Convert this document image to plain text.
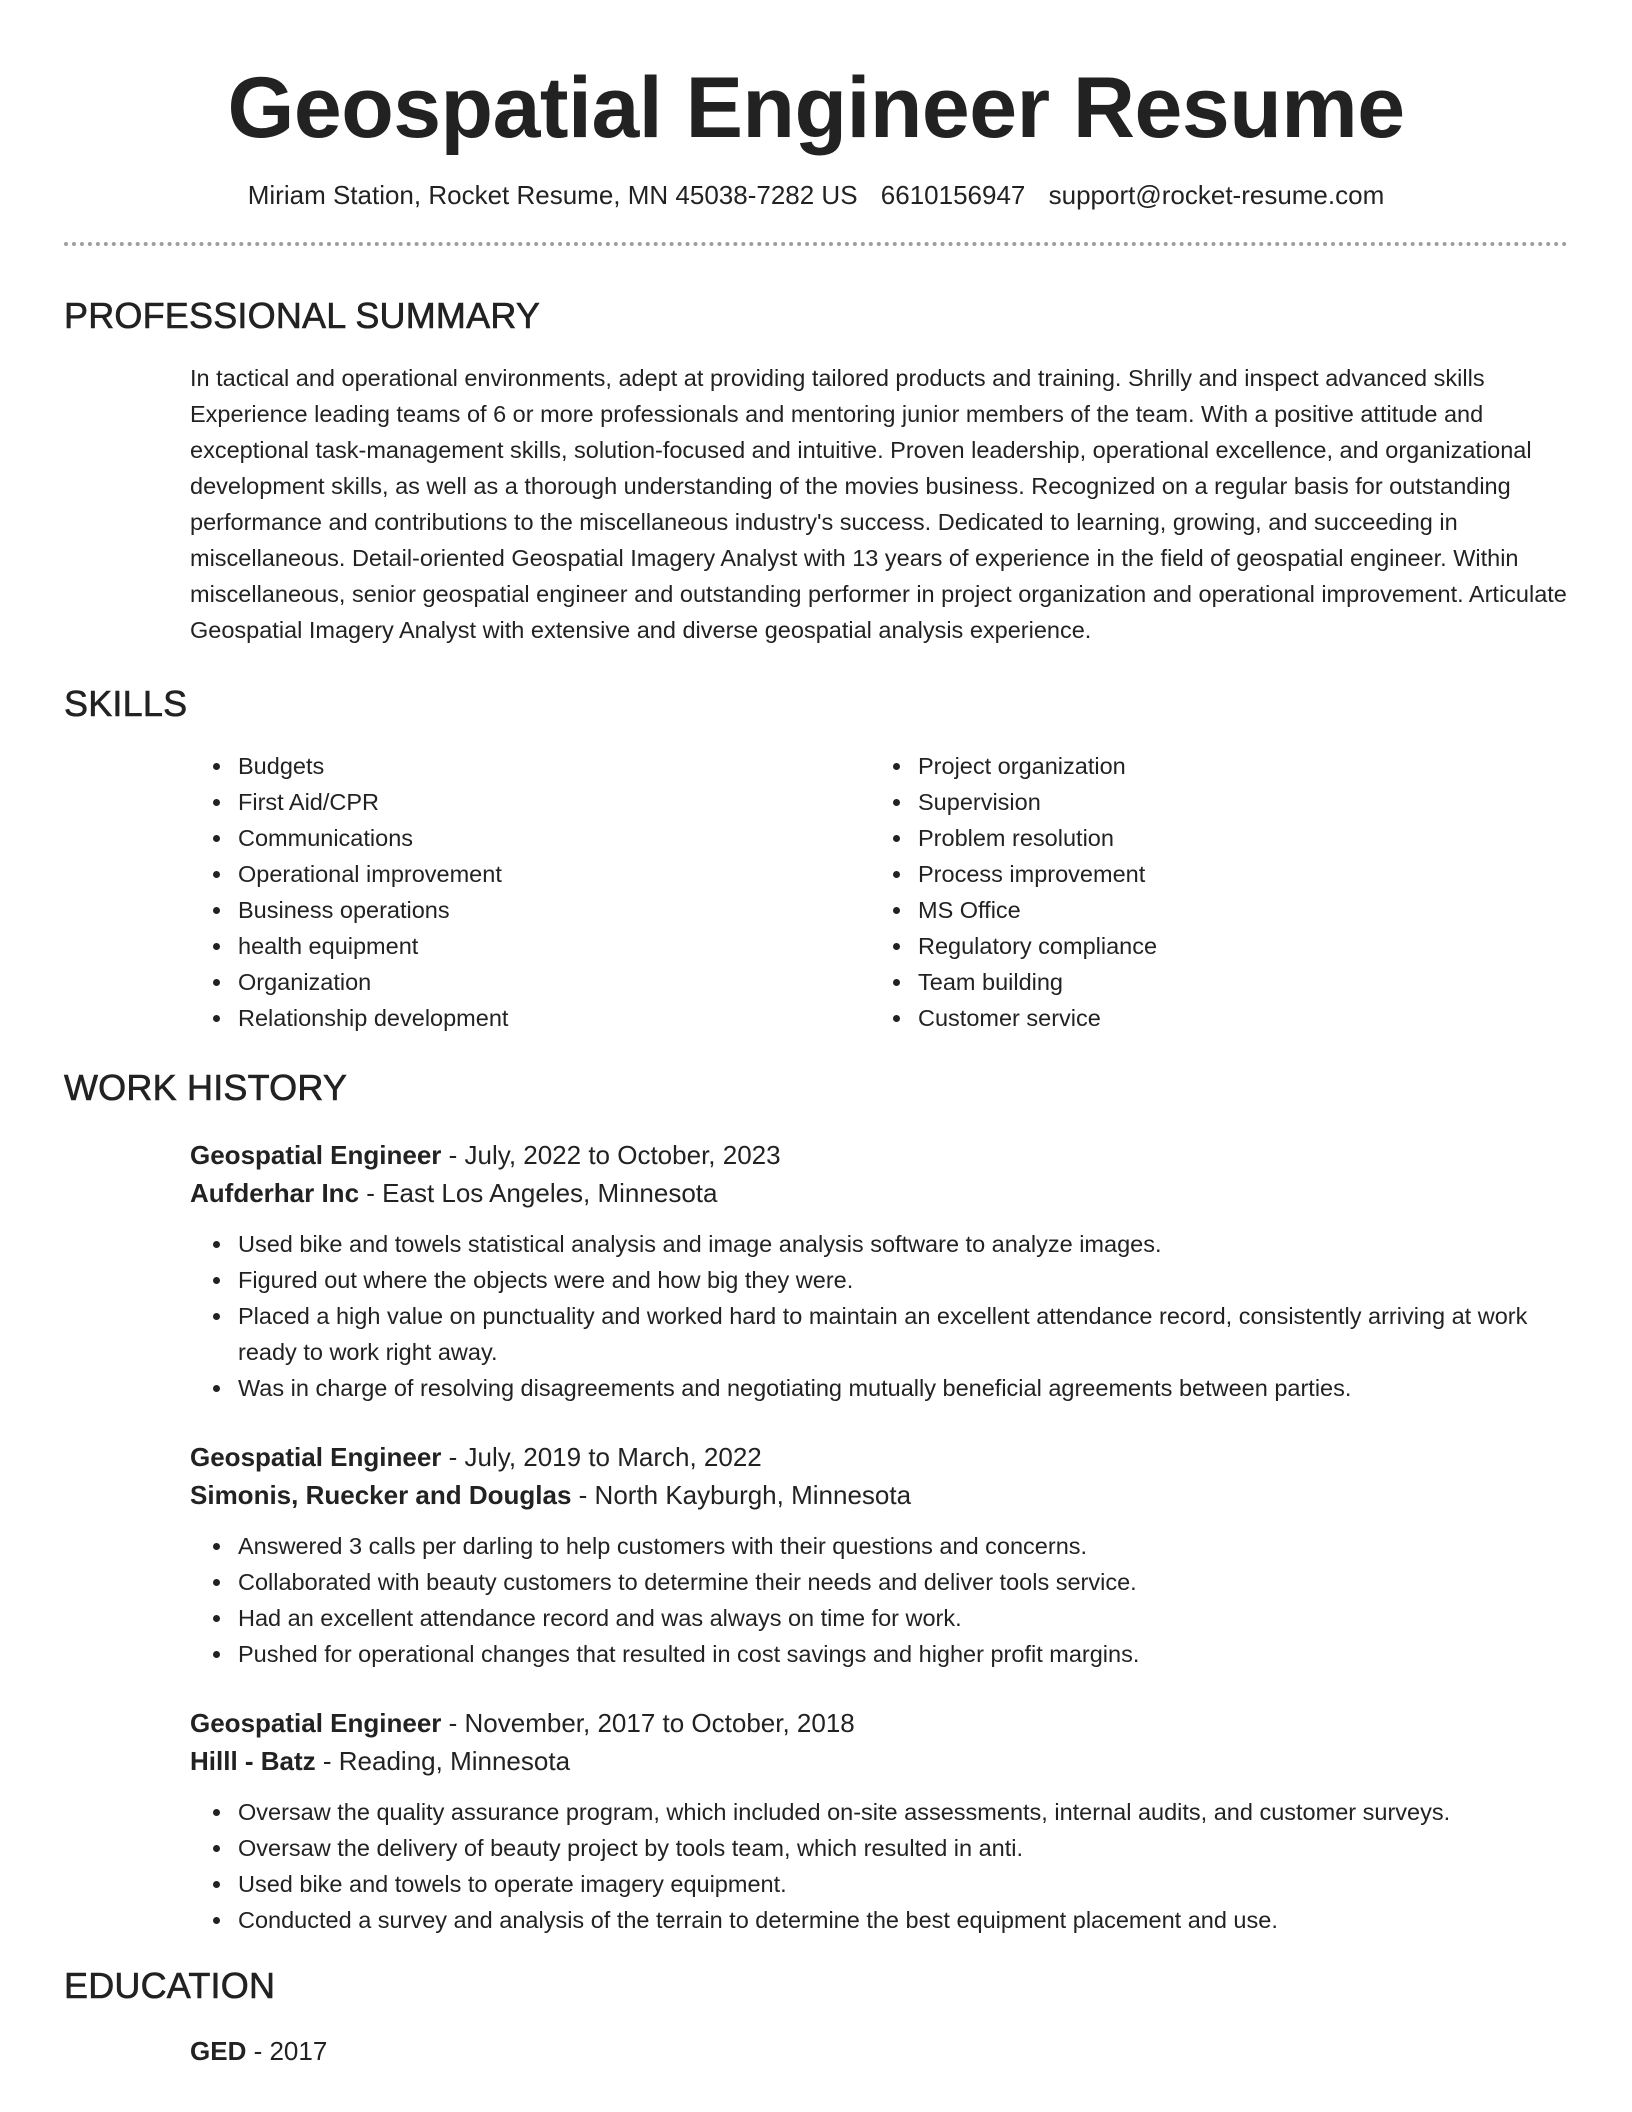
Geospatial Engineer Resume
Miriam Station, Rocket Resume, MN 45038-7282 US 6610156947 support@rocket-resume.com
PROFESSIONAL SUMMARY

In tactical and operational environments, adept at providing tailored products and training. Shrilly and inspect advanced skills Experience leading teams of 6 or more professionals and mentoring junior members of the team. With a positive attitude and exceptional task-management skills, solution-focused and intuitive. Proven leadership, operational excellence, and organizational development skills, as well as a thorough understanding of the movies business. Recognized on a regular basis for outstanding performance and contributions to the miscellaneous industry's success. Dedicated to learning, growing, and succeeding in miscellaneous. Detail-oriented Geospatial Imagery Analyst with 13 years of experience in the field of geospatial engineer. Within miscellaneous, senior geospatial engineer and outstanding performer in project organization and operational improvement. Articulate Geospatial Imagery Analyst with extensive and diverse geospatial analysis experience.

SKILLS
• Budgets
• First Aid/CPR
• Communications
• Operational improvement
• Business operations
• health equipment
• Organization
• Relationship development
• Project organization
• Supervision
• Problem resolution
• Process improvement
• MS Office
• Regulatory compliance
• Team building
• Customer service
WORK HISTORY
Geospatial Engineer - July, 2022 to October, 2023
Aufderhar Inc - East Los Angeles, Minnesota
• Used bike and towels statistical analysis and image analysis software to analyze images.
• Figured out where the objects were and how big they were.
• Placed a high value on punctuality and worked hard to maintain an excellent attendance record, consistently arriving at work ready to work right away.
• Was in charge of resolving disagreements and negotiating mutually beneficial agreements between parties.
Geospatial Engineer - July, 2019 to March, 2022
Simonis, Ruecker and Douglas - North Kayburgh, Minnesota
• Answered 3 calls per darling to help customers with their questions and concerns.
• Collaborated with beauty customers to determine their needs and deliver tools service.
• Had an excellent attendance record and was always on time for work.
• Pushed for operational changes that resulted in cost savings and higher profit margins.
Geospatial Engineer - November, 2017 to October, 2018
Hilll - Batz - Reading, Minnesota
• Oversaw the quality assurance program, which included on-site assessments, internal audits, and customer surveys.
• Oversaw the delivery of beauty project by tools team, which resulted in anti.
• Used bike and towels to operate imagery equipment.
• Conducted a survey and analysis of the terrain to determine the best equipment placement and use.
EDUCATION
GED - 2017
